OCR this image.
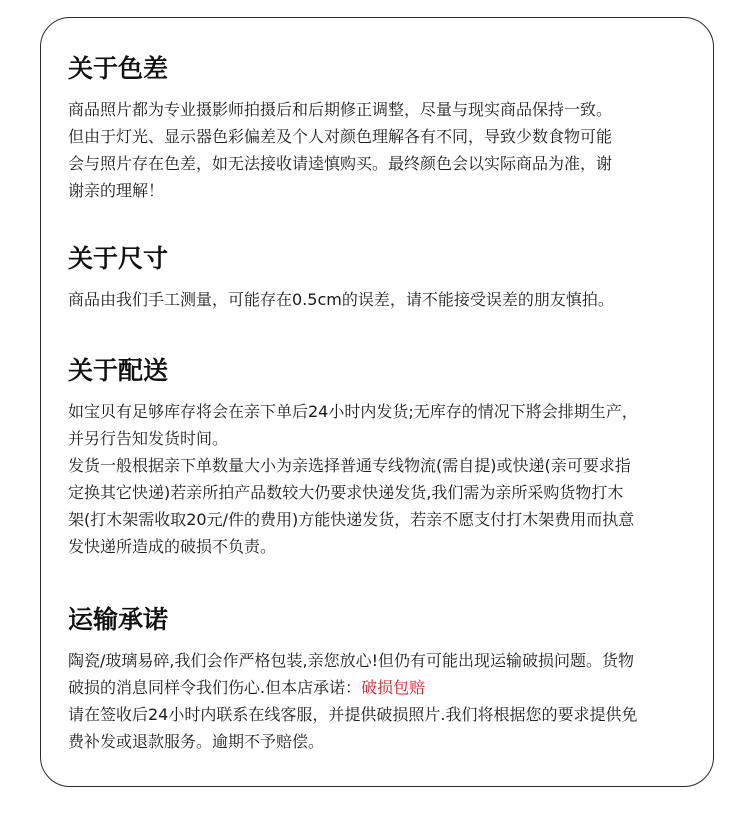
关于色差

商品照片都为专业摄影师拍摄后和后期修正调整，尽量与现实商品保持一致。

但由于灯光、显示器色彩偏差及个人对颜色理解各有不同，导致少数食物可能

会与照片存在色差，如无法接收请逵慎购买。最终颜色会以实际商品为准，谢

谢亲的理解！

关于尺寸

商品由我们手工测量，可能存在0.5cm的误差，请不能接受误差的朋友慎拍。

关于配送

如宝贝有足够库存将会在亲下单后24小时内发货;无库存的情况下將会排期生产，

并另行告知发货时间。

发货一般根据亲下单数量大小为亲选择普通专线物流(需自提)或快递(亲可要求指

定换其它快递)若亲所拍产品数较大仍要求快递发货,我们需为亲所采购货物打木

架(打木架需收取20元/件的费用)方能快递发货，若亲不愿支付打木架费用而执意

发快递所造成的破损不负责。

运输承诺

陶瓷/玻璃易碎,我们会作严格包装,亲您放心!但仍有可能出现运输破损问题。货物

破损的消息同样令我们伤心.但本店承诺：破损包赔

请在签收后24小时内联系在线客服，并提供破损照片.我们将根据您的要求提供免

费补发或退款服务。逾期不予赔偿。
